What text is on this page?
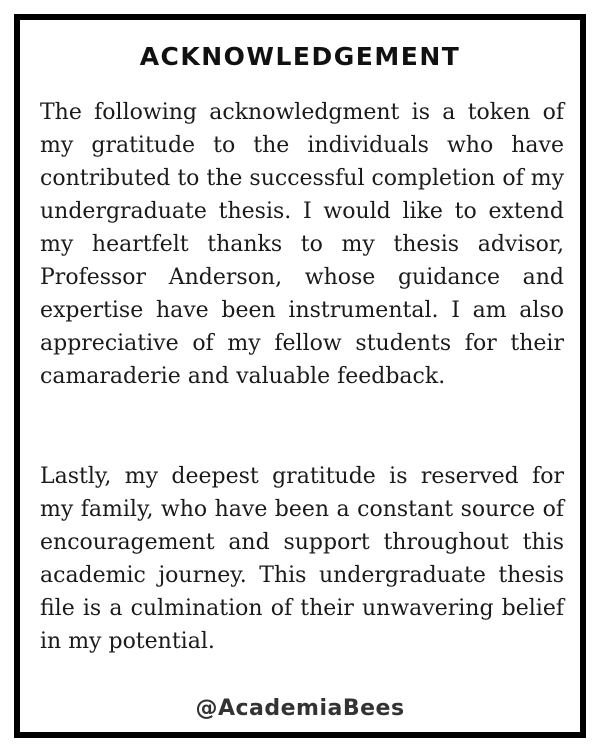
ACKNOWLEDGEMENT

The following acknowledgment is a token of my gratitude to the individuals who have contributed to the successful completion of my undergraduate thesis. I would like to extend my heartfelt thanks to my thesis advisor, Professor Anderson, whose guidance and expertise have been instrumental. I am also appreciative of my fellow students for their camaraderie and valuable feedback.

Lastly, my deepest gratitude is reserved for my family, who have been a constant source of encouragement and support throughout this academic journey. This undergraduate thesis file is a culmination of their unwavering belief in my potential.

@AcademiaBees
